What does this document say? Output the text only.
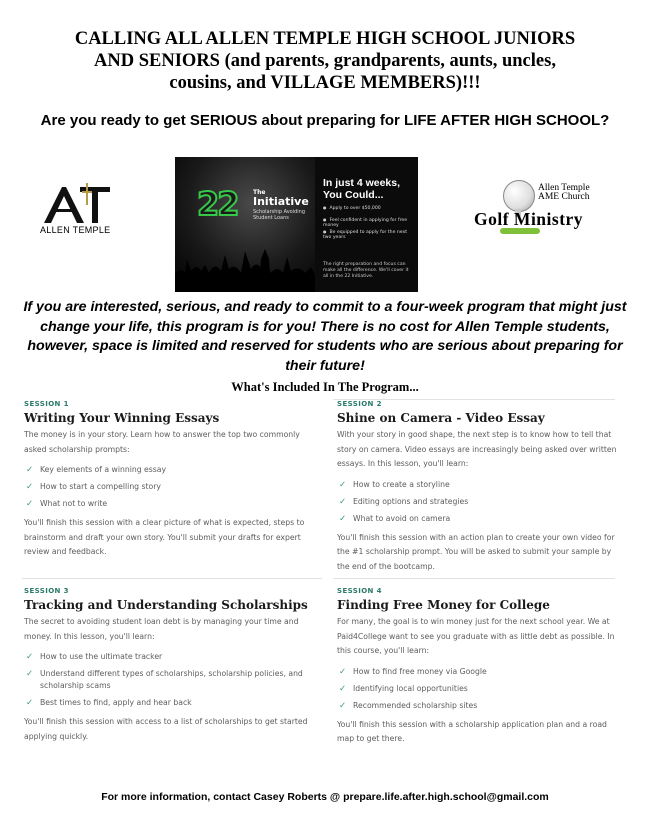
CALLING ALL ALLEN TEMPLE HIGH SCHOOL JUNIORS
AND SENIORS (and parents, grandparents, aunts, uncles,
cousins, and VILLAGE MEMBERS)!!!
Are you ready to get SERIOUS about preparing for LIFE AFTER HIGH SCHOOL?
ALLEN TEMPLE
22	The
Initiative
Scholarship Avoiding Student Loans
In just 4 weeks, You Could...
● Apply to over $50,000
● Feel confident in applying for free money
● Be equipped to apply for the next two years
The right preparation and focus can make all the difference. We'll cover it all in the 22 Initiative.
Allen Temple
AME Church
Golf Ministry
If you are interested, serious, and ready to commit to a four-week program that might just change your life, this program is for you! There is no cost for Allen Temple students, however, space is limited and reserved for students who are serious about preparing for their future!
What's Included In The Program...
SESSION 1
Writing Your Winning Essays
The money is in your story. Learn how to answer the top two commonly asked scholarship prompts:
✓ Key elements of a winning essay
✓ How to start a compelling story
✓ What not to write
You'll finish this session with a clear picture of what is expected, steps to brainstorm and draft your own story. You'll submit your drafts for expert review and feedback.
SESSION 2
Shine on Camera - Video Essay
With your story in good shape, the next step is to know how to tell that story on camera. Video essays are increasingly being asked over written essays. In this lesson, you'll learn:
✓ How to create a storyline
✓ Editing options and strategies
✓ What to avoid on camera
You'll finish this session with an action plan to create your own video for the #1 scholarship prompt. You will be asked to submit your sample by the end of the bootcamp.
SESSION 3
Tracking and Understanding Scholarships
The secret to avoiding student loan debt is by managing your time and money. In this lesson, you'll learn:
✓ How to use the ultimate tracker
✓ Understand different types of scholarships, scholarship policies, and scholarship scams
✓ Best times to find, apply and hear back
You'll finish this session with access to a list of scholarships to get started applying quickly.
SESSION 4
Finding Free Money for College
For many, the goal is to win money just for the next school year. We at Paid4College want to see you graduate with as little debt as possible. In this course, you'll learn:
✓ How to find free money via Google
✓ Identifying local opportunities
✓ Recommended scholarship sites
You'll finish this session with a scholarship application plan and a road map to get there.
For more information, contact Casey Roberts @ prepare.life.after.high.school@gmail.com
